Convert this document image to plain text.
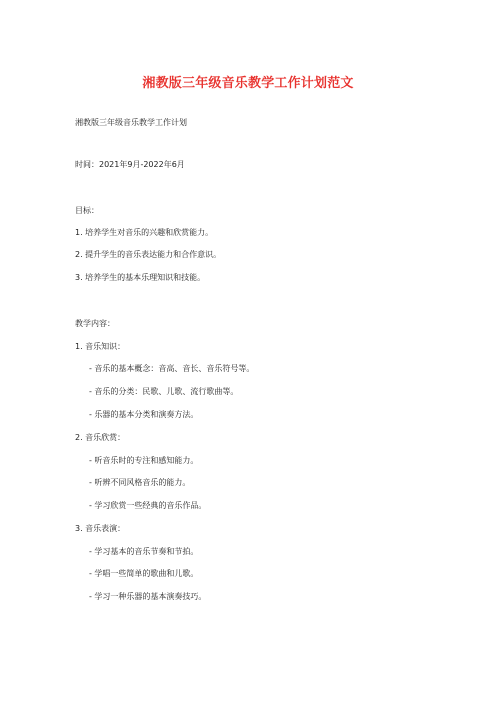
湘教版三年级音乐教学工作计划范文
湘教版三年级音乐教学工作计划
时间：2021年9月-2022年6月
目标：
1. 培养学生对音乐的兴趣和欣赏能力。
2. 提升学生的音乐表达能力和合作意识。
3. 培养学生的基本乐理知识和技能。
教学内容：
1. 音乐知识：
- 音乐的基本概念：音高、音长、音乐符号等。
- 音乐的分类：民歌、儿歌、流行歌曲等。
- 乐器的基本分类和演奏方法。
2. 音乐欣赏：
- 听音乐时的专注和感知能力。
- 听辨不同风格音乐的能力。
- 学习欣赏一些经典的音乐作品。
3. 音乐表演：
- 学习基本的音乐节奏和节拍。
- 学唱一些简单的歌曲和儿歌。
- 学习一种乐器的基本演奏技巧。
